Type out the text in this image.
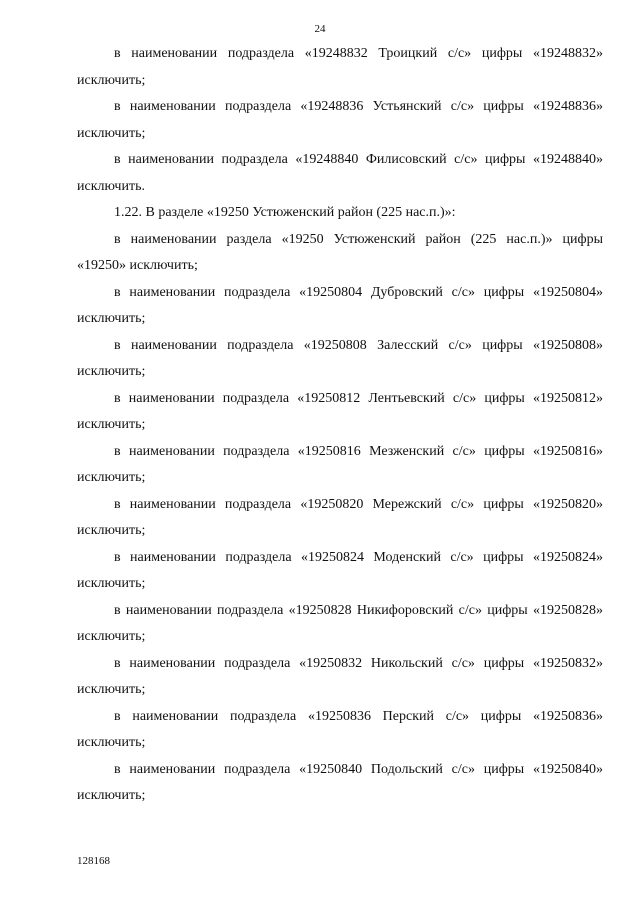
24

в наименовании подраздела «19248832 Троицкий с/с» цифры «19248832» исключить;

в наименовании подраздела «19248836 Устьянский с/с» цифры «19248836» исключить;

в наименовании подраздела «19248840 Филисовский с/с» цифры «19248840» исключить.

1.22. В разделе «19250 Устюженский район (225 нас.п.)»:

в наименовании раздела «19250 Устюженский район (225 нас.п.)» цифры «19250» исключить;

в наименовании подраздела «19250804 Дубровский с/с» цифры «19250804» исключить;

в наименовании подраздела «19250808 Залесский с/с» цифры «19250808» исключить;

в наименовании подраздела «19250812 Лентьевский с/с» цифры «19250812» исключить;

в наименовании подраздела «19250816 Мезженский с/с» цифры «19250816» исключить;

в наименовании подраздела «19250820 Мережский с/с» цифры «19250820» исключить;

в наименовании подраздела «19250824 Моденский с/с» цифры «19250824» исключить;

в наименовании подраздела «19250828 Никифоровский с/с» цифры «19250828» исключить;

в наименовании подраздела «19250832 Никольский с/с» цифры «19250832» исключить;

в наименовании подраздела «19250836 Перский с/с» цифры «19250836» исключить;

в наименовании подраздела «19250840 Подольский с/с» цифры «19250840» исключить;

128168
